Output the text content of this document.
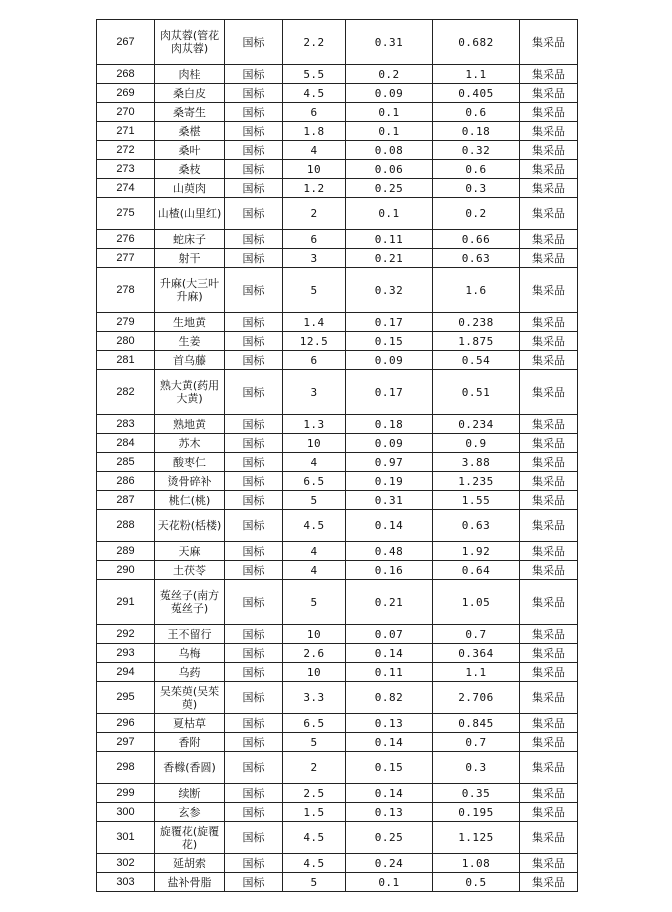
267	肉苁蓉(管花肉苁蓉)	国标	2.2	0.31	0.682	集采品
268	肉桂	国标	5.5	0.2	1.1	集采品
269	桑白皮	国标	4.5	0.09	0.405	集采品
270	桑寄生	国标	6	0.1	0.6	集采品
271	桑椹	国标	1.8	0.1	0.18	集采品
272	桑叶	国标	4	0.08	0.32	集采品
273	桑枝	国标	10	0.06	0.6	集采品
274	山萸肉	国标	1.2	0.25	0.3	集采品
275	山楂(山里红)	国标	2	0.1	0.2	集采品
276	蛇床子	国标	6	0.11	0.66	集采品
277	射干	国标	3	0.21	0.63	集采品
278	升麻(大三叶升麻)	国标	5	0.32	1.6	集采品
279	生地黄	国标	1.4	0.17	0.238	集采品
280	生姜	国标	12.5	0.15	1.875	集采品
281	首乌藤	国标	6	0.09	0.54	集采品
282	熟大黄(药用大黄)	国标	3	0.17	0.51	集采品
283	熟地黄	国标	1.3	0.18	0.234	集采品
284	苏木	国标	10	0.09	0.9	集采品
285	酸枣仁	国标	4	0.97	3.88	集采品
286	烫骨碎补	国标	6.5	0.19	1.235	集采品
287	桃仁(桃)	国标	5	0.31	1.55	集采品
288	天花粉(栝楼)	国标	4.5	0.14	0.63	集采品
289	天麻	国标	4	0.48	1.92	集采品
290	土茯苓	国标	4	0.16	0.64	集采品
291	菟丝子(南方菟丝子)	国标	5	0.21	1.05	集采品
292	王不留行	国标	10	0.07	0.7	集采品
293	乌梅	国标	2.6	0.14	0.364	集采品
294	乌药	国标	10	0.11	1.1	集采品
295	吴茱萸(吴茱萸)	国标	3.3	0.82	2.706	集采品
296	夏枯草	国标	6.5	0.13	0.845	集采品
297	香附	国标	5	0.14	0.7	集采品
298	香橼(香圆)	国标	2	0.15	0.3	集采品
299	续断	国标	2.5	0.14	0.35	集采品
300	玄参	国标	1.5	0.13	0.195	集采品
301	旋覆花(旋覆花)	国标	4.5	0.25	1.125	集采品
302	延胡索	国标	4.5	0.24	1.08	集采品
303	盐补骨脂	国标	5	0.1	0.5	集采品
